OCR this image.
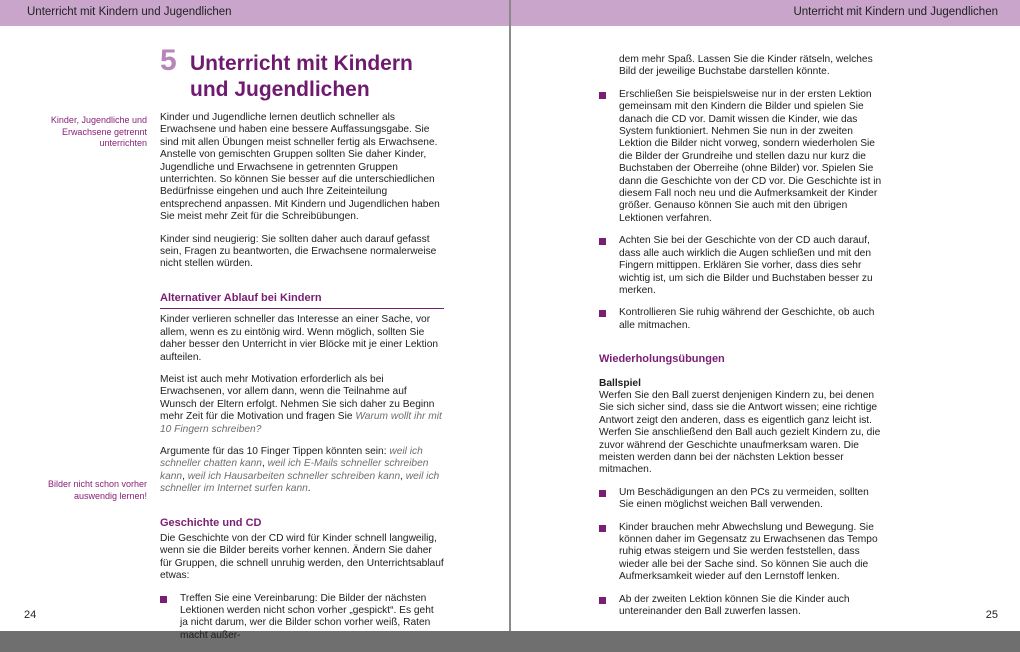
Unterricht mit Kindern und Jugendlichen
5 Unterricht mit Kindern und Jugendlichen
Kinder, Jugendliche und Erwachsene getrennt unterrichten
Bilder nicht schon vorher auswendig lernen!

Kinder und Jugendliche lernen deutlich schneller als Erwachsene und haben eine bessere Auffassungsgabe. Sie sind mit allen Übungen meist schneller fertig als Erwachsene. Anstelle von gemischten Gruppen sollten Sie daher Kinder, Jugendliche und Erwachsene in getrennten Gruppen unterrichten. So können Sie besser auf die unterschiedlichen Bedürfnisse eingehen und auch Ihre Zeiteinteilung entsprechend anpassen. Mit Kindern und Jugendlichen haben Sie meist mehr Zeit für die Schreibübungen.

Kinder sind neugierig: Sie sollten daher auch darauf gefasst sein, Fragen zu beantworten, die Erwachsene normalerweise nicht stellen würden.

Alternativer Ablauf bei Kindern

Kinder verlieren schneller das Interesse an einer Sache, vor allem, wenn es zu eintönig wird. Wenn möglich, sollten Sie daher besser den Unterricht in vier Blöcke mit je einer Lektion aufteilen.

Meist ist auch mehr Motivation erforderlich als bei Erwachsenen, vor allem dann, wenn die Teilnahme auf Wunsch der Eltern erfolgt. Nehmen Sie sich daher zu Beginn mehr Zeit für die Motivation und fragen Sie Warum wollt ihr mit 10 Fingern schreiben?

Argumente für das 10 Finger Tippen könnten sein: weil ich schneller chatten kann, weil ich E-Mails schneller schreiben kann, weil ich Hausarbeiten schneller schreiben kann, weil ich schneller im Internet surfen kann.

Geschichte und CD

Die Geschichte von der CD wird für Kinder schnell langweilig, wenn sie die Bilder bereits vorher kennen. Ändern Sie daher für Gruppen, die schnell unruhig werden, den Unterrichtsablauf etwas:

Treffen Sie eine Vereinbarung: Die Bilder der nächsten Lektionen werden nicht schon vorher „gespickt“. Es geht ja nicht darum, wer die Bilder schon vorher weiß, Raten macht außer-
24
Unterricht mit Kindern und Jugendlichen

dem mehr Spaß. Lassen Sie die Kinder rätseln, welches Bild der jeweilige Buchstabe darstellen könnte.

Erschließen Sie beispielsweise nur in der ersten Lektion gemeinsam mit den Kindern die Bilder und spielen Sie danach die CD vor. Damit wissen die Kinder, wie das System funktioniert. Nehmen Sie nun in der zweiten Lektion die Bilder nicht vorweg, sondern wiederholen Sie die Bilder der Grundreihe und stellen dazu nur kurz die Buchstaben der Oberreihe (ohne Bilder) vor. Spielen Sie dann die Geschichte von der CD vor. Die Geschichte ist in diesem Fall noch neu und die Aufmerksamkeit der Kinder größer. Genauso können Sie auch mit den übrigen Lektionen verfahren.
Achten Sie bei der Geschichte von der CD auch darauf, dass alle auch wirklich die Augen schließen und mit den Fingern mittippen. Erklären Sie vorher, dass dies sehr wichtig ist, um sich die Bilder und Buchstaben besser zu merken.
Kontrollieren Sie ruhig während der Geschichte, ob auch alle mitmachen.
Wiederholungsübungen
Ballspiel

Werfen Sie den Ball zuerst denjenigen Kindern zu, bei denen Sie sich sicher sind, dass sie die Antwort wissen; eine richtige Antwort zeigt den anderen, dass es eigentlich ganz leicht ist. Werfen Sie anschließend den Ball auch gezielt Kindern zu, die zuvor während der Geschichte unaufmerksam waren. Die meisten werden dann bei der nächsten Lektion besser mitmachen.

Um Beschädigungen an den PCs zu vermeiden, sollten Sie einen möglichst weichen Ball verwenden.
Kinder brauchen mehr Abwechslung und Bewegung. Sie können daher im Gegensatz zu Erwachsenen das Tempo ruhig etwas steigern und Sie werden feststellen, dass wieder alle bei der Sache sind. So können Sie auch die Aufmerksamkeit wieder auf den Lernstoff lenken.
Ab der zweiten Lektion können Sie die Kinder auch untereinander den Ball zuwerfen lassen.	25
